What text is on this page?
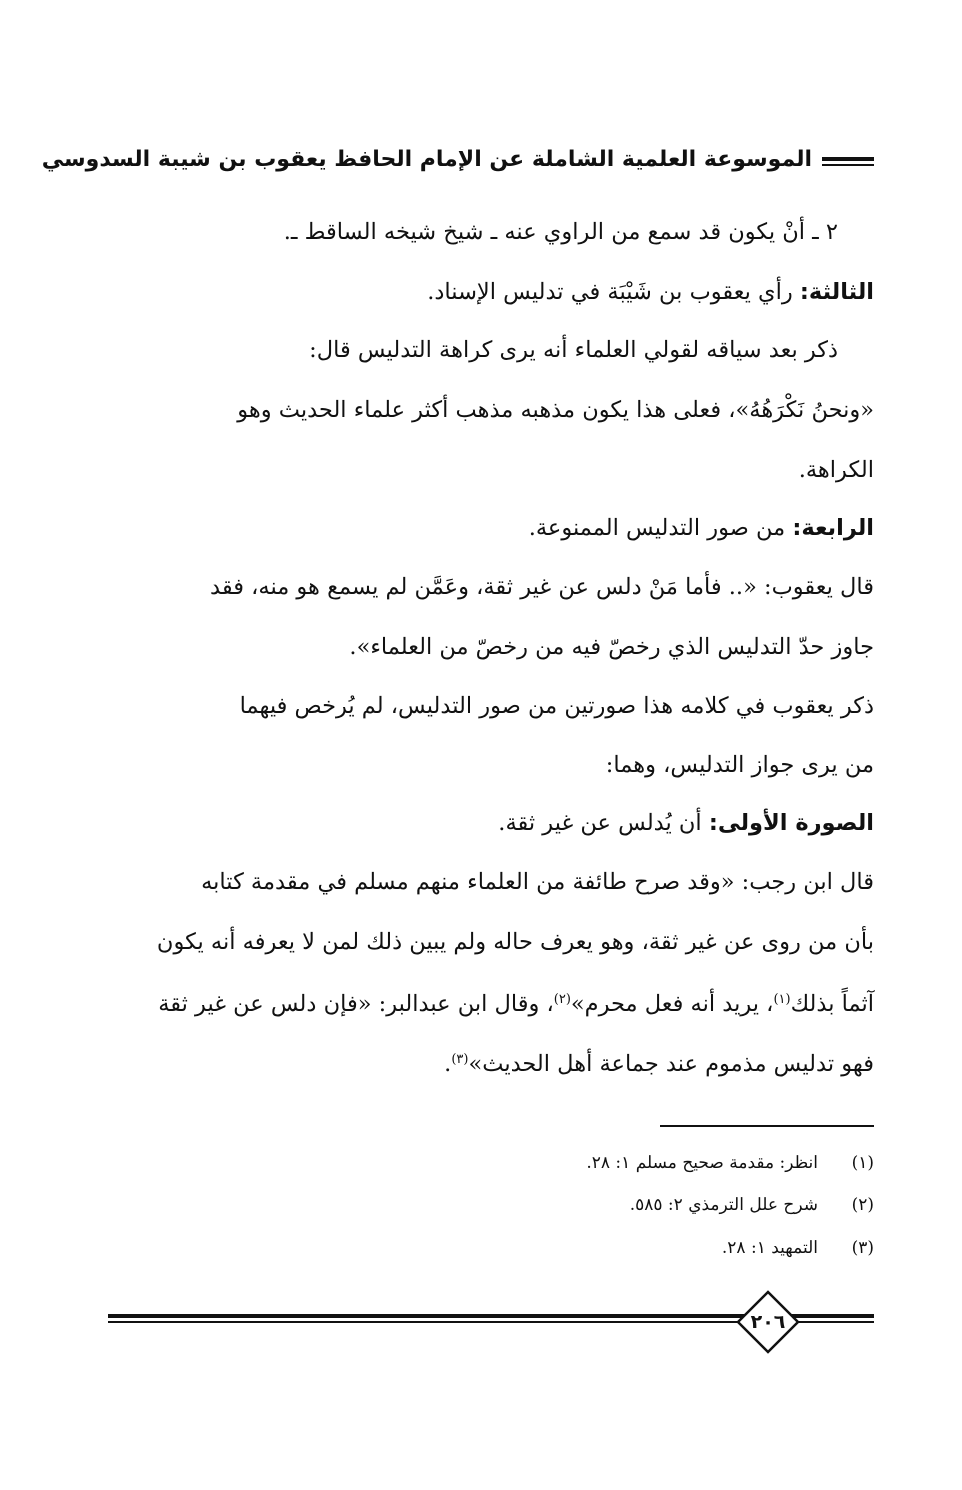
الموسوعة العلمية الشاملة عن الإمام الحافظ يعقوب بن شيبة السدوسي
٢ ـ أنْ يكون قد سمع من الراوي عنه ـ شيخ شيخه الساقط ـ.
الثالثة: رأي يعقوب بن شَيْبَة في تدليس الإسناد.
ذكر بعد سياقه لقولي العلماء أنه يرى كراهة التدليس قال:
«ونحنُ نَكْرَهُهُ»، فعلى هذا يكون مذهبه مذهب أكثر علماء الحديث وهو
الكراهة.
الرابعة: من صور التدليس الممنوعة.
قال يعقوب: «.. فأما مَنْ دلس عن غير ثقة، وعَمَّن لم يسمع هو منه، فقد
جاوز حدّ التدليس الذي رخصّ فيه من رخصّ من العلماء».
ذكر يعقوب في كلامه هذا صورتين من صور التدليس، لم يُرخص فيهما
من يرى جواز التدليس، وهما:
الصورة الأولى: أن يُدلس عن غير ثقة.
قال ابن رجب: «وقد صرح طائفة من العلماء منهم مسلم في مقدمة كتابه
بأن من روى عن غير ثقة، وهو يعرف حاله ولم يبين ذلك لمن لا يعرفه أنه يكون
آثماً بذلك$^{(١)}$، يريد أنه فعل محرم»$^{(٢)}$، وقال ابن عبدالبر: «فإن دلس عن غير ثقة
فهو تدليس مذموم عند جماعة أهل الحديث»$^{(٣)}$.
(١)انظر: مقدمة صحيح مسلم ١: ٢٨.
(٢)شرح علل الترمذي ٢: ٥٨٥.
(٣)التمهيد ١: ٢٨.
٢٠٦
